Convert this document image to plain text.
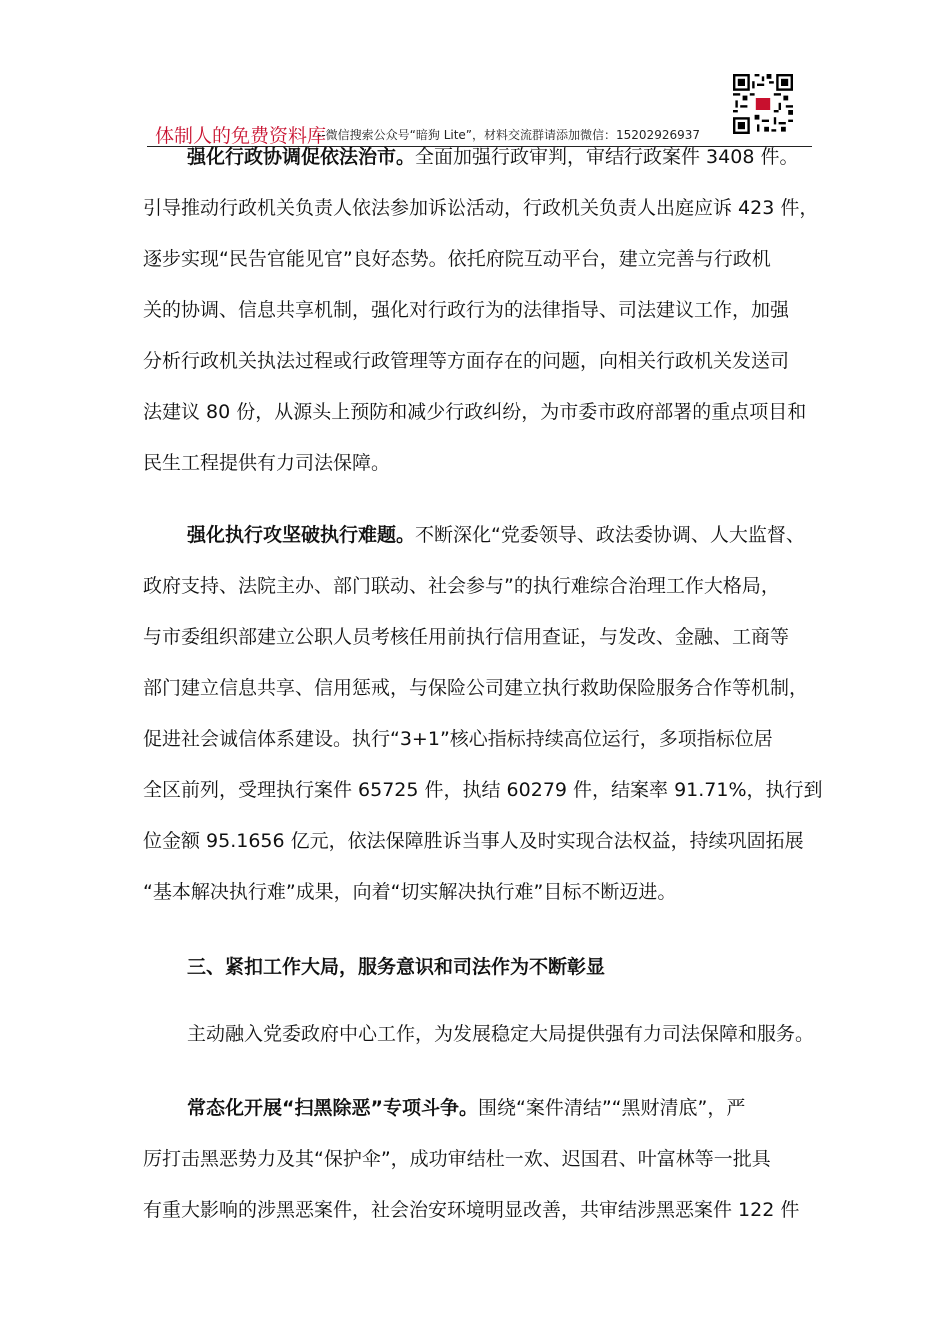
体制人的免费资料库
--微信搜索公众号“暗狗 Lite”，材料交流群请添加微信：15202926937

强化行政协调促依法治市。全面加强行政审判，审结行政案件 3408 件。
引导推动行政机关负责人依法参加诉讼活动，行政机关负责人出庭应诉 423 件，
逐步实现“民告官能见官”良好态势。依托府院互动平台，建立完善与行政机
关的协调、信息共享机制，强化对行政行为的法律指导、司法建议工作，加强
分析行政机关执法过程或行政管理等方面存在的问题，向相关行政机关发送司
法建议 80 份，从源头上预防和减少行政纠纷，为市委市政府部署的重点项目和
民生工程提供有力司法保障。

强化执行攻坚破执行难题。不断深化“党委领导、政法委协调、人大监督、
政府支持、法院主办、部门联动、社会参与”的执行难综合治理工作大格局，
与市委组织部建立公职人员考核任用前执行信用查证，与发改、金融、工商等
部门建立信息共享、信用惩戒，与保险公司建立执行救助保险服务合作等机制，
促进社会诚信体系建设。执行“3+1”核心指标持续高位运行，多项指标位居
全区前列，受理执行案件 65725 件，执结 60279 件，结案率 91.71%，执行到
位金额 95.1656 亿元，依法保障胜诉当事人及时实现合法权益，持续巩固拓展
“基本解决执行难”成果，向着“切实解决执行难”目标不断迈进。

三、紧扣工作大局，服务意识和司法作为不断彰显
主动融入党委政府中心工作，为发展稳定大局提供强有力司法保障和服务。

常态化开展“扫黑除恶”专项斗争。围绕“案件清结”“黑财清底”，严
厉打击黑恶势力及其“保护伞”，成功审结杜一欢、迟国君、叶富林等一批具
有重大影响的涉黑恶案件，社会治安环境明显改善，共审结涉黑恶案件 122 件
